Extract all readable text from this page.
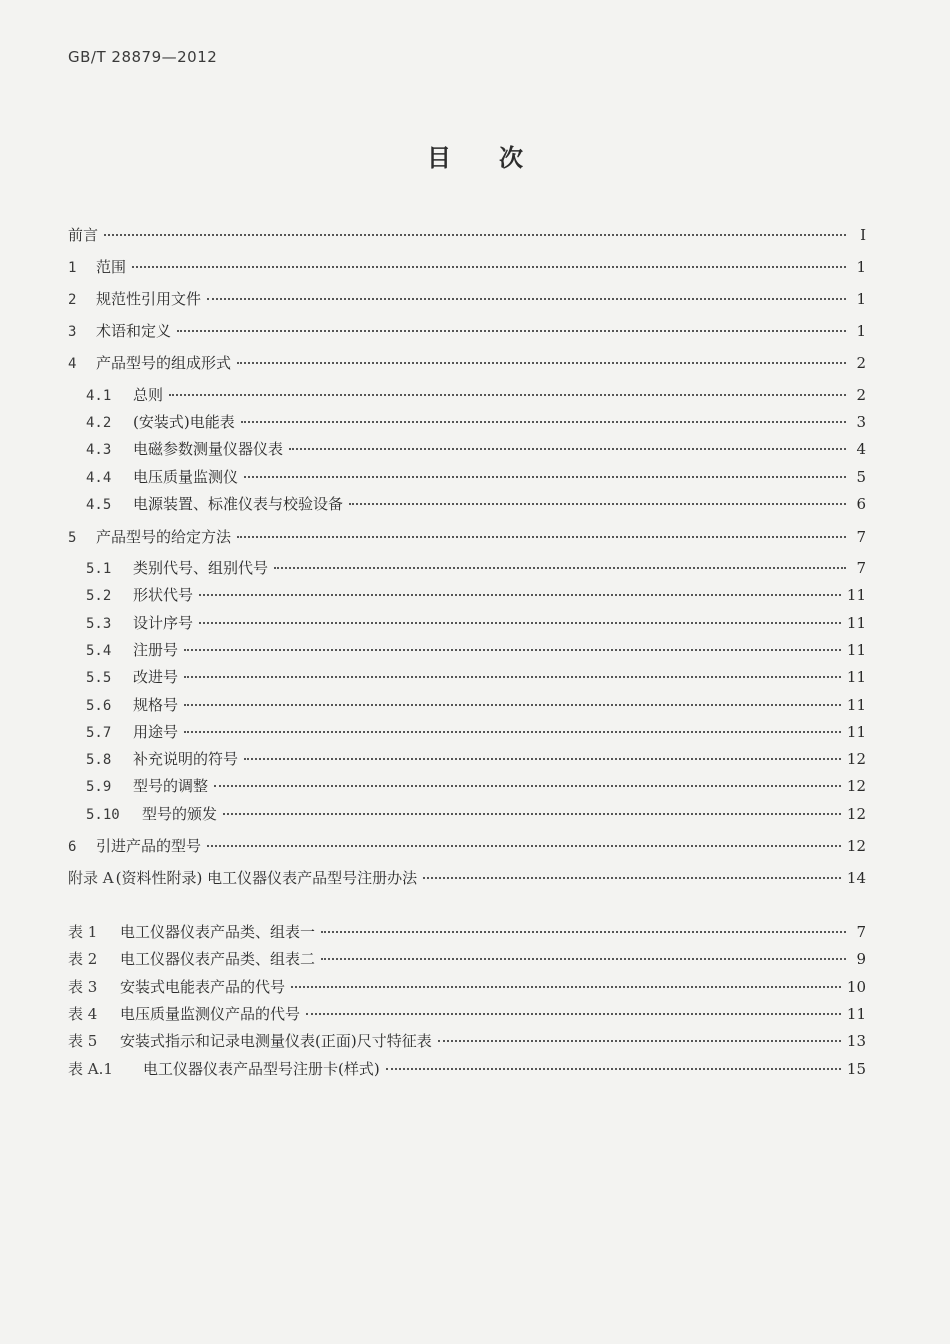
GB/T 28879—2012
目次
前言	Ⅰ
1	范围	1
2	规范性引用文件	1
3	术语和定义	1
4	产品型号的组成形式	2
4.1	总则	2
4.2	(安装式)电能表	3
4.3	电磁参数测量仪器仪表	4
4.4	电压质量监测仪	5
4.5	电源装置、标准仪表与校验设备	6
5	产品型号的给定方法	7
5.1	类别代号、组别代号	7
5.2	形状代号	11
5.3	设计序号	11
5.4	注册号	11
5.5	改进号	11
5.6	规格号	11
5.7	用途号	11
5.8	补充说明的符号	12
5.9	型号的调整	12
5.10	型号的颁发	12
6	引进产品的型号	12
附录 A (资料性附录) 电工仪器仪表产品型号注册办法	14
表 1	电工仪器仪表产品类、组表一	7
表 2	电工仪器仪表产品类、组表二	9
表 3	安装式电能表产品的代号	10
表 4	电压质量监测仪产品的代号	11
表 5	安装式指示和记录电测量仪表(正面)尺寸特征表	13
表 A.1	电工仪器仪表产品型号注册卡(样式)	15
